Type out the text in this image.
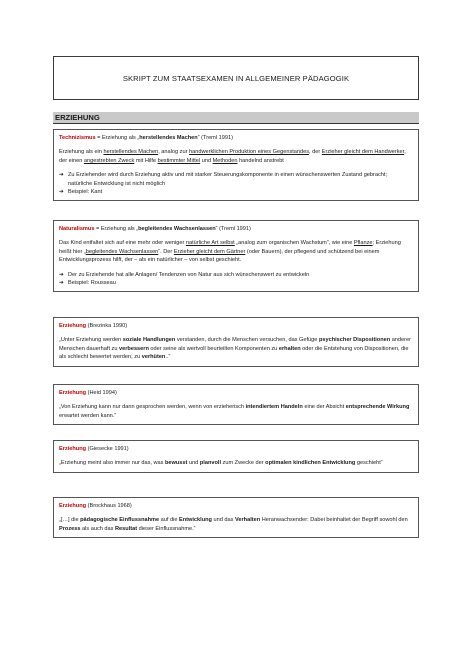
SKRIPT ZUM STAATSEXAMEN IN ALLGEMEINER PÄDAGOGIK
ERZIEHUNG

Technizismus = Erziehung als „herstellendes Machen“ (Treml 1991)

Erziehung als ein herstellendes Machen, analog zur handwerklichen Produktion eines Gegenstandes, der Erzieher gleicht dem Handwerker, der einen angestrebten Zweck mit Hilfe bestimmter Mittel und Methoden handelnd anstrebt

➔ Zu Erziehender wird durch Erziehung aktiv und mit starker Steuerungskomponente in einen wünschenswerten Zustand gebracht; natürliche Entwicklung ist nicht möglich
➔ Beispiel: Kant

Naturalismus = Erziehung als „begleitendes Wachsenlassen“ (Treml 1991)

Das Kind entfaltet sich auf eine mehr oder weniger natürliche Art selbst „analog zum organischen Wachstum“, wie eine Pflanze; Erziehung heißt hier „begleitendes Wachsenlassen“. Der Erzieher gleicht dem Gärtner (oder Bauern), der pflegend und schützend bei einem Entwicklungsprozess hilft, der – als ein natürlicher – von selbst geschieht.

➔ Der zu Erziehende hat alle Anlagen/ Tendenzen von Natur aus sich wünschenswert zu entwickeln
➔ Beispiel: Rousseau

Erziehung (Brezinka 1990)

„Unter Erziehung werden soziale Handlungen verstanden, durch die Menschen versuchen, das Gefüge psychischer Dispositionen anderer Menschen dauerhaft zu verbessern oder seine als wertvoll beurteilten Komponenten zu erhalten oder die Entstehung von Dispositionen, die als schlecht bewertet werden, zu verhüten..“

Erziehung (Heid 1994)

„Von Erziehung kann nur dann gesprochen werden, wenn von erzieherisch intendiertem Handeln eine der Absicht entsprechende Wirkung erwartet werden kann.“

Erziehung (Giesecke 1991)

„Erziehung meint also immer nur das, was bewusst und planvoll zum Zwecke der optimalen kindlichen Entwicklung geschieht“

Erziehung (Brockhaus 1968)

„[…] die pädagogische Einflussnahme auf die Entwicklung und das Verhalten Heranwachsender: Dabei beinhaltet der Begriff sowohl den Prozess als auch das Resultat dieser Einflussnahme.“
